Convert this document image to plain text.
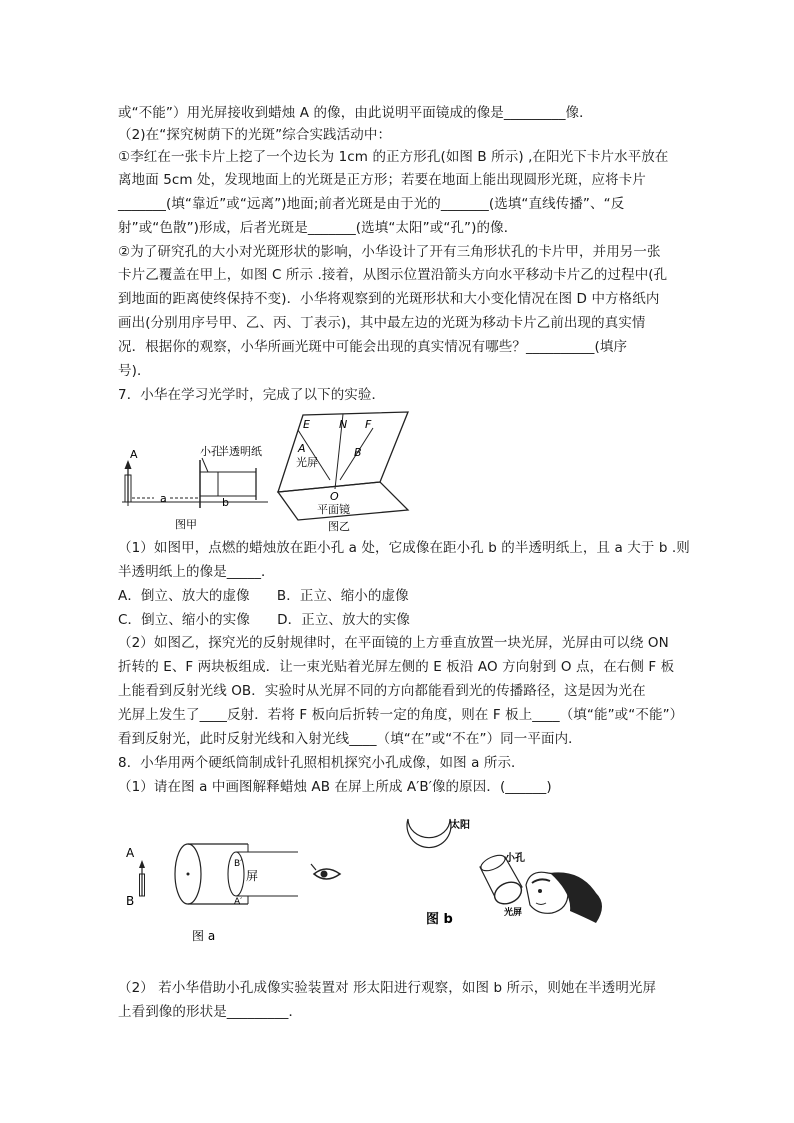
或“不能”）用光屏接收到蜡烛 A 的像，由此说明平面镜成的像是_________像．
（2)在“探究树荫下的光斑”综合实践活动中：
①李红在一张卡片上挖了一个边长为 1cm 的正方形孔(如图 B 所示) ,在阳光下卡片水平放在
离地面 5cm 处，发现地面上的光斑是正方形；若要在地面上能出现圆形光斑，应将卡片
_______(填“靠近”或“远离”)地面;前者光斑是由于光的_______(选填“直线传播”、“反
射”或“色散”)形成，后者光斑是_______(选填“太阳”或“孔”)的像．
②为了研究孔的大小对光斑形状的影响，小华设计了开有三角形状孔的卡片甲，并用另一张
卡片乙覆盖在甲上，如图 C 所示 .接着，从图示位置沿箭头方向水平移动卡片乙的过程中(孔
到地面的距离使终保持不变)．小华将观察到的光斑形状和大小变化情况在图 D 中方格纸内
画出(分别用序号甲、乙、丙、丁表示)，其中最左边的光斑为移动卡片乙前出现的真实情
况．根据你的观察，小华所画光斑中可能会出现的真实情况有哪些？__________(填序
号)．
7．小华在学习光学时，完成了以下的实验．
A
a
小孔
半透明纸
b
图甲
E	N F
A	B
光屏
O
平面镜
图乙
（1）如图甲，点燃的蜡烛放在距小孔 a 处，它成像在距小孔 b 的半透明纸上，且 a 大于 b .则
半透明纸上的像是_____．
A．倒立、放大的虚像　　B．正立、缩小的虚像
C．倒立、缩小的实像　　D．正立、放大的实像
（2）如图乙，探究光的反射规律时，在平面镜的上方垂直放置一块光屏，光屏由可以绕 ON
折转的 E、F 两块板组成．让一束光贴着光屏左侧的 E 板沿 AO 方向射到 O 点，在右侧 F 板
上能看到反射光线 OB．实验时从光屏不同的方向都能看到光的传播路径，这是因为光在
光屏上发生了____反射．若将 F 板向后折转一定的角度，则在 F 板上____（填“能”或“不能”）
看到反射光，此时反射光线和入射光线____（填“在”或“不在”）同一平面内．
8．小华用两个硬纸筒制成针孔照相机探究小孔成像，如图 a 所示．
（1）请在图 a 中画图解释蜡烛 AB 在屏上所成 A′B′像的原因．(______)
A
B
B′
A′
屏
图 a
太阳
小孔
光屏
图 b
（2） 若小华借助小孔成像实验装置对 形太阳进行观察，如图 b 所示，则她在半透明光屏
上看到像的形状是_________．
